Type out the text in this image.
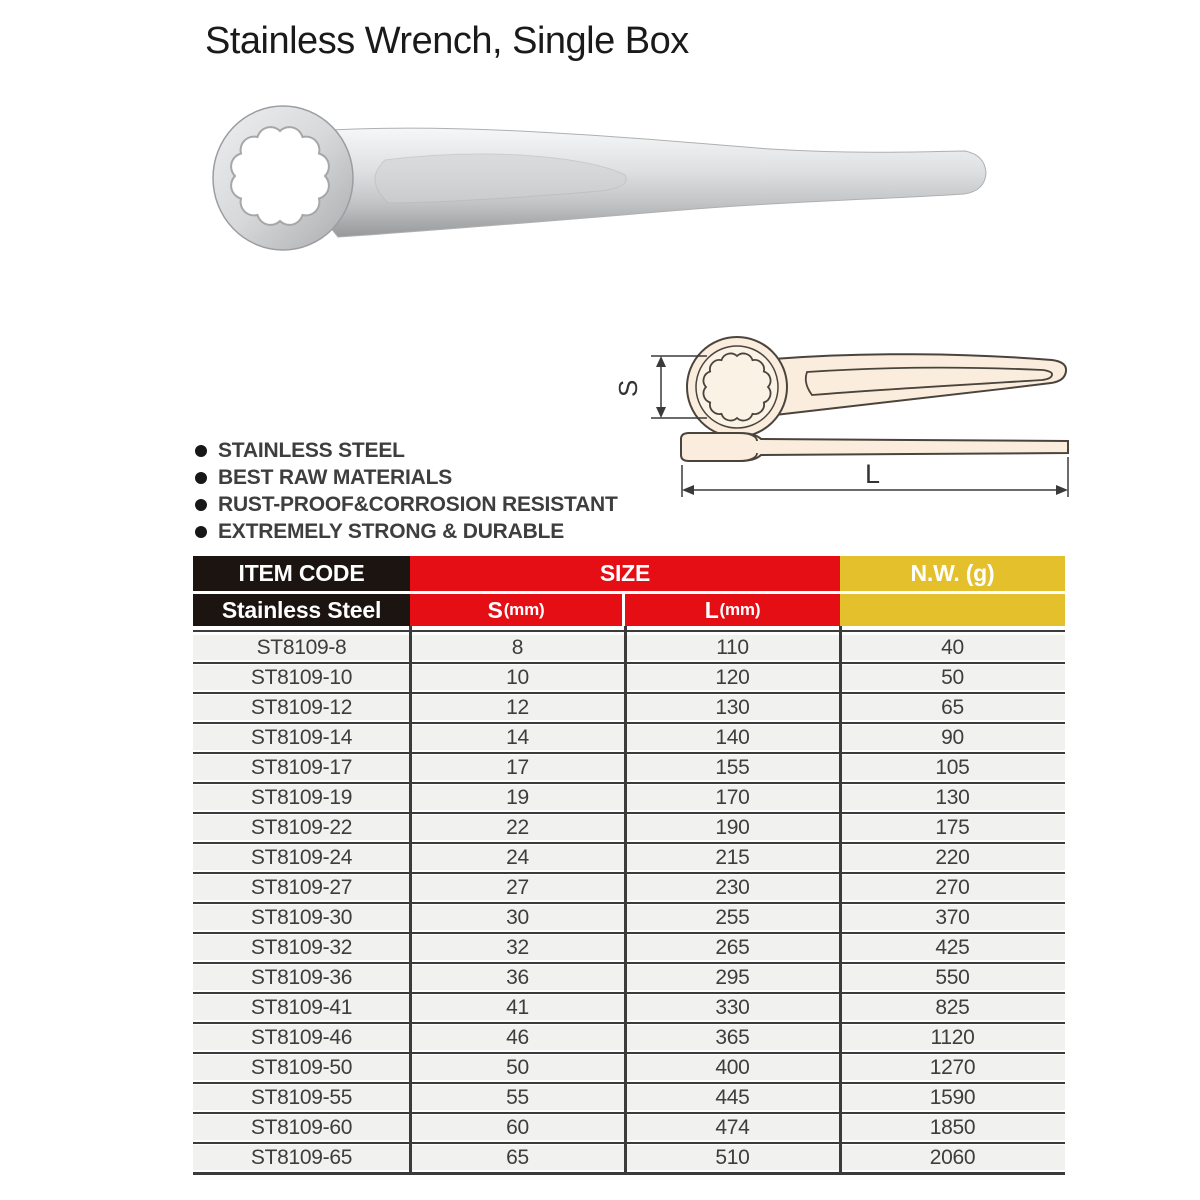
Stainless Wrench, Single Box
S
L
STAINLESS STEEL
BEST RAW MATERIALS
RUST-PROOF&CORROSION RESISTANT
EXTREMELY STRONG & DURABLE
ITEM CODE	SIZE	N.W. (g)
Stainless Steel	S (mm)	L (mm)
ST8109-8	8	110	40
ST8109-10	10	120	50
ST8109-12	12	130	65
ST8109-14	14	140	90
ST8109-17	17	155	105
ST8109-19	19	170	130
ST8109-22	22	190	175
ST8109-24	24	215	220
ST8109-27	27	230	270
ST8109-30	30	255	370
ST8109-32	32	265	425
ST8109-36	36	295	550
ST8109-41	41	330	825
ST8109-46	46	365	1120
ST8109-50	50	400	1270
ST8109-55	55	445	1590
ST8109-60	60	474	1850
ST8109-65	65	510	2060
